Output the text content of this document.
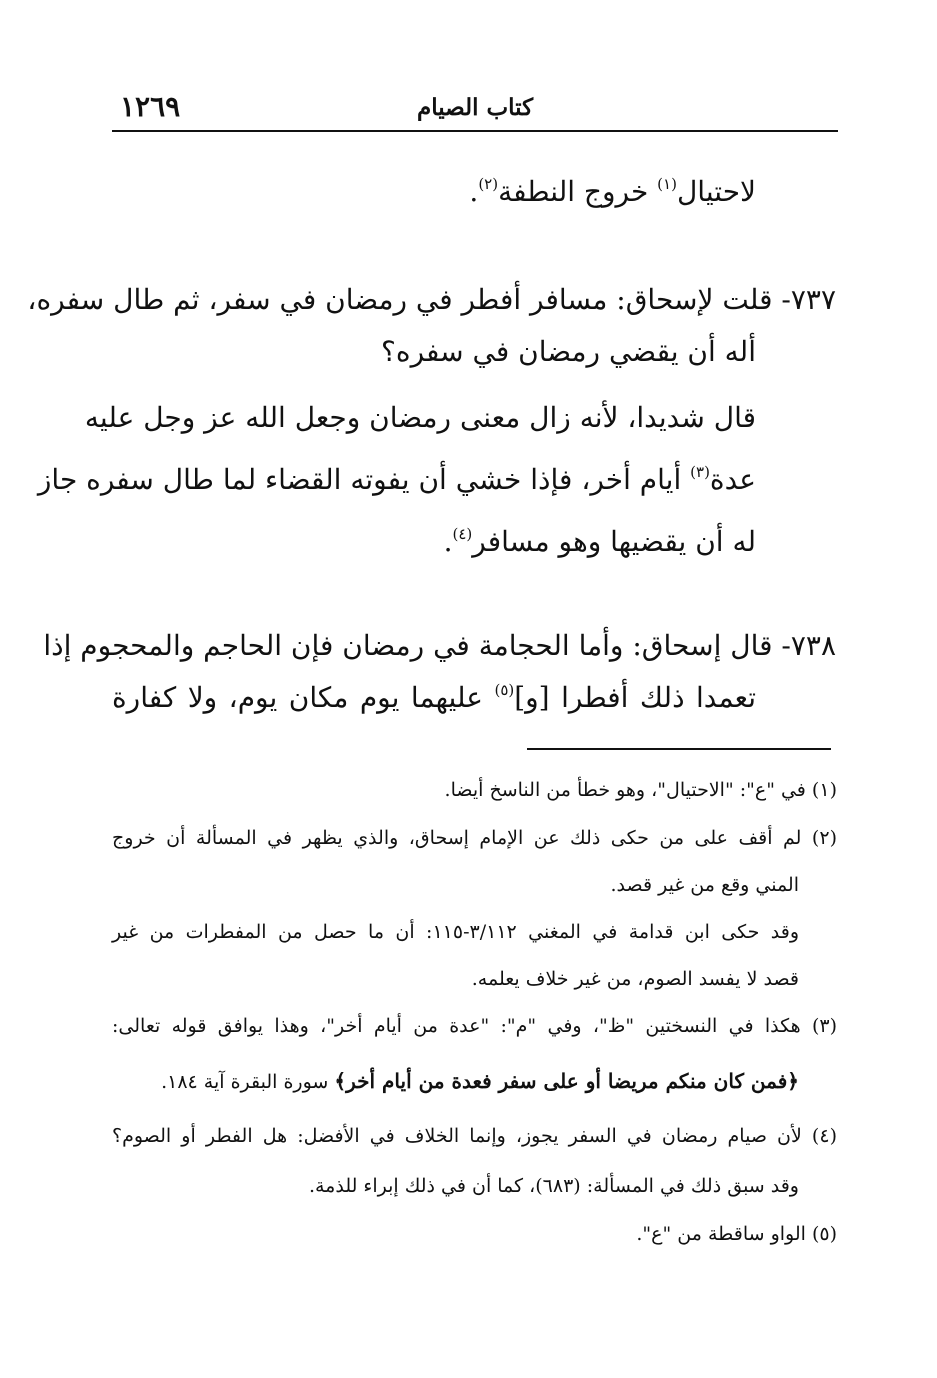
١٢٦٩	كتاب الصيام
لاحتيال$^{(١)}$ خروج النطفة$^{(٢)}$.
٧٣٧- قلت لإسحاق: مسافر أفطر في رمضان في سفر، ثم طال سفره،
أله أن يقضي رمضان في سفره؟
قال شديدا، لأنه زال معنى رمضان وجعل الله عز وجل عليه
عدة$^{(٣)}$ أيام أخر، فإذا خشي أن يفوته القضاء لما طال سفره جاز
له أن يقضيها وهو مسافر$^{(٤)}$.
٧٣٨- قال إسحاق: وأما الحجامة في رمضان فإن الحاجم والمحجوم إذا
تعمدا ذلك أفطرا [و]$^{(٥)}$ عليهما يوم مكان يوم، ولا كفارة
(١) في "ع": "الاحتيال"، وهو خطأ من الناسخ أيضا.
(٢) لم أقف على من حكى ذلك عن الإمام إسحاق، والذي يظهر في المسألة أن خروج
المني وقع من غير قصد.
وقد حكى ابن قدامة في المغني ٣/١١٢-١١٥: أن ما حصل من المفطرات من غير
قصد لا يفسد الصوم، من غير خلاف يعلمه.
(٣) هكذا في النسختين "ظ"، وفي "م": "عدة من أيام أخر"، وهذا يوافق قوله تعالى:
﴿فمن كان منكم مريضا أو على سفر فعدة من أيام أخر﴾ سورة البقرة آية ١٨٤.
(٤) لأن صيام رمضان في السفر يجوز، وإنما الخلاف في الأفضل: هل الفطر أو الصوم؟
وقد سبق ذلك في المسألة: (٦٨٣)، كما أن في ذلك إبراء للذمة.
(٥) الواو ساقطة من "ع".
